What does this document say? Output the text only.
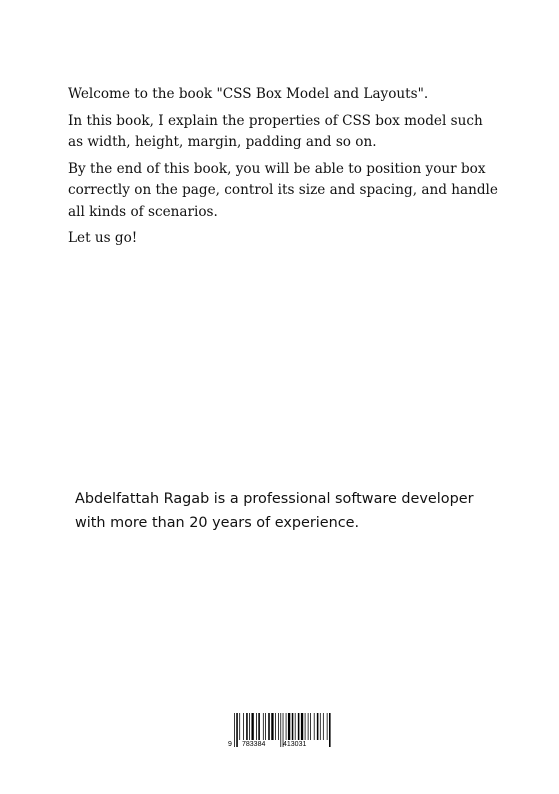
Welcome to the book "CSS Box Model and Layouts".

In this book, I explain the properties of CSS box model such as width, height, margin, padding and so on.

By the end of this book, you will be able to position your box correctly on the page, control its size and spacing, and handle all kinds of scenarios.

Let us go!

Abdelfattah Ragab is a professional software developer with more than 20 years of experience.

9 783384	413031
